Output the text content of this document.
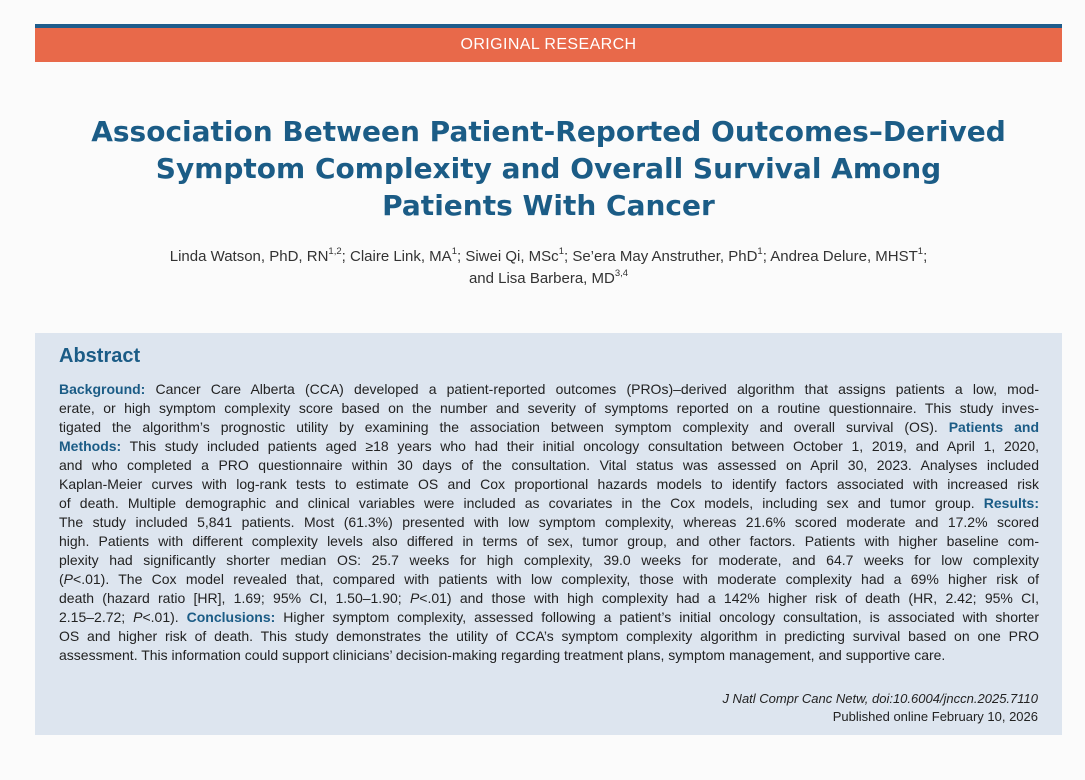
ORIGINAL RESEARCH
Association Between Patient-Reported Outcomes–Derived
Symptom Complexity and Overall Survival Among
Patients With Cancer
Linda Watson, PhD, RN$^{1,2}$; Claire Link, $MA^1$; Siwei Qi, MSc$^1$; Se’era May Anstruther, PhD$^1$; Andrea Delure, MHST$^1$;
and Lisa Barbera, MD$^{3,4}$
Abstract
Background: Cancer Care Alberta (CCA) developed a patient-reported outcomes (PROs)–derived algorithm that assigns patients a low, mod-
erate, or high symptom complexity score based on the number and severity of symptoms reported on a routine questionnaire. This study inves-
tigated the algorithm’s prognostic utility by examining the association between symptom complexity and overall survival (OS). Patients and
Methods: This study included patients aged ≥18 years who had their initial oncology consultation between October 1, 2019, and April 1, 2020,
and who completed a PRO questionnaire within 30 days of the consultation. Vital status was assessed on April 30, 2023. Analyses included
Kaplan-Meier curves with log-rank tests to estimate OS and Cox proportional hazards models to identify factors associated with increased risk
of death. Multiple demographic and clinical variables were included as covariates in the Cox models, including sex and tumor group. Results:
The study included 5,841 patients. Most (61.3%) presented with low symptom complexity, whereas 21.6% scored moderate and 17.2% scored
high. Patients with different complexity levels also differed in terms of sex, tumor group, and other factors. Patients with higher baseline com-
plexity had significantly shorter median OS: 25.7 weeks for high complexity, 39.0 weeks for moderate, and 64.7 weeks for low complexity
(P<.01). The Cox model revealed that, compared with patients with low complexity, those with moderate complexity had a 69% higher risk of
death (hazard ratio [HR], 1.69; 95% CI, 1.50–1.90; P<.01) and those with high complexity had a 142% higher risk of death (HR, 2.42; 95% CI,
2.15–2.72; P<.01). Conclusions: Higher symptom complexity, assessed following a patient’s initial oncology consultation, is associated with shorter
OS and higher risk of death. This study demonstrates the utility of CCA’s symptom complexity algorithm in predicting survival based on one PRO
assessment. This information could support clinicians’ decision-making regarding treatment plans, symptom management, and supportive care.
J Natl Compr Canc Netw, doi:10.6004/jnccn.2025.7110
Published online February 10, 2026
